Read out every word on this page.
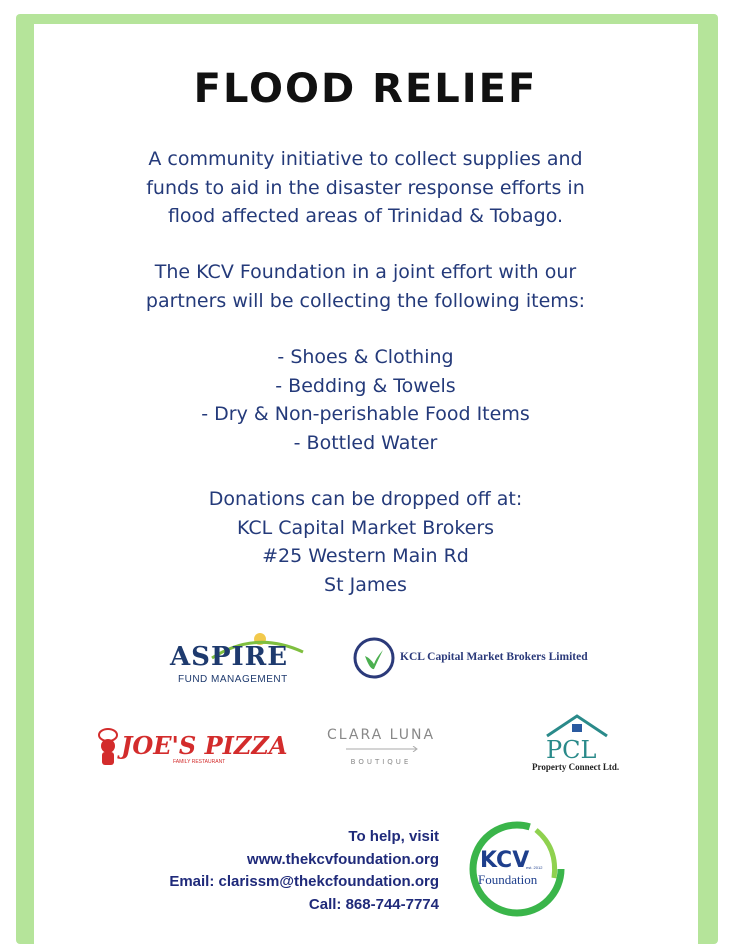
FLOOD RELIEF
A community initiative to collect supplies and
funds to aid in the disaster response efforts in
flood affected areas of Trinidad & Tobago.
The KCV Foundation in a joint effort with our
partners will be collecting the following items:
- Shoes & Clothing
- Bedding & Towels
- Dry & Non-perishable Food Items
- Bottled Water
Donations can be dropped off at:
KCL Capital Market Brokers
#25 Western Main Rd
St James
ASPIRE
FUND MANAGEMENT
KCL Capital Market Brokers Limited
JOE'S PIZZA
FAMILY RESTAURANT
CLARA LUNA
BOUTIQUE	PCL
Property Connect Ltd.
To help, visit
www.thekcvfoundation.org
Email: clarissm@thekcfoundation.org
Call: 868-744-7774
KCV
est. 2012
Foundation
